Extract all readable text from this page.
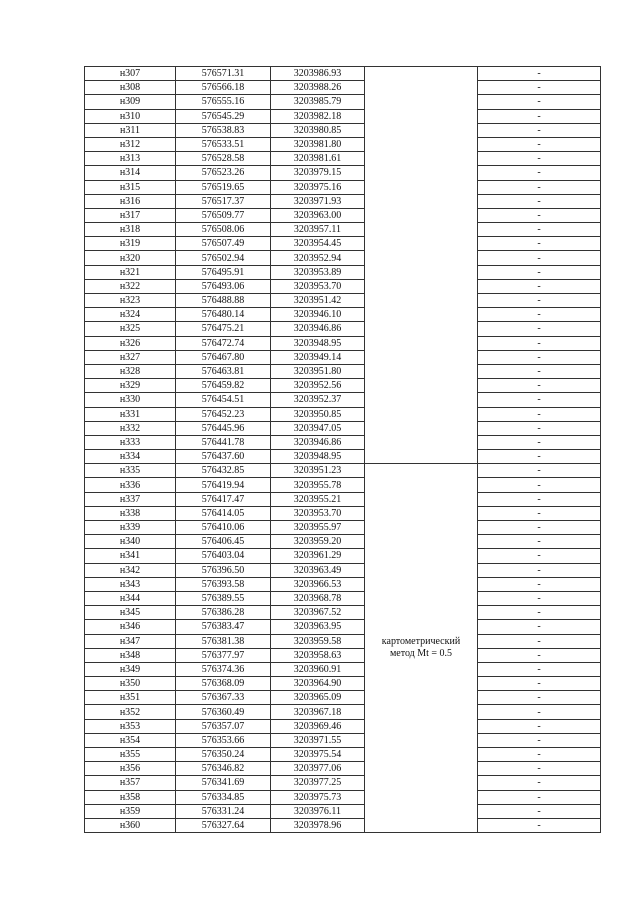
н307	576571.31	3203986.93		-
н308	576566.18	3203988.26		-
н309	576555.16	3203985.79		-
н310	576545.29	3203982.18		-
н311	576538.83	3203980.85		-
н312	576533.51	3203981.80		-
н313	576528.58	3203981.61		-
н314	576523.26	3203979.15		-
н315	576519.65	3203975.16		-
н316	576517.37	3203971.93		-
н317	576509.77	3203963.00		-
н318	576508.06	3203957.11		-
н319	576507.49	3203954.45		-
н320	576502.94	3203952.94		-
н321	576495.91	3203953.89		-
н322	576493.06	3203953.70		-
н323	576488.88	3203951.42		-
н324	576480.14	3203946.10		-
н325	576475.21	3203946.86		-
н326	576472.74	3203948.95		-
н327	576467.80	3203949.14		-
н328	576463.81	3203951.80		-
н329	576459.82	3203952.56		-
н330	576454.51	3203952.37		-
н331	576452.23	3203950.85		-
н332	576445.96	3203947.05		-
н333	576441.78	3203946.86		-
н334	576437.60	3203948.95		-
н335	576432.85	3203951.23	картометрический
метод Mt = 0.5	-
н336	576419.94	3203955.78		-
н337	576417.47	3203955.21		-
н338	576414.05	3203953.70		-
н339	576410.06	3203955.97		-
н340	576406.45	3203959.20		-
н341	576403.04	3203961.29		-
н342	576396.50	3203963.49		-
н343	576393.58	3203966.53		-
н344	576389.55	3203968.78		-
н345	576386.28	3203967.52		-
н346	576383.47	3203963.95		-
н347	576381.38	3203959.58		-
н348	576377.97	3203958.63		-
н349	576374.36	3203960.91		-
н350	576368.09	3203964.90		-
н351	576367.33	3203965.09		-
н352	576360.49	3203967.18		-
н353	576357.07	3203969.46		-
н354	576353.66	3203971.55		-
н355	576350.24	3203975.54		-
н356	576346.82	3203977.06		-
н357	576341.69	3203977.25		-
н358	576334.85	3203975.73		-
н359	576331.24	3203976.11		-
н360	576327.64	3203978.96		-
